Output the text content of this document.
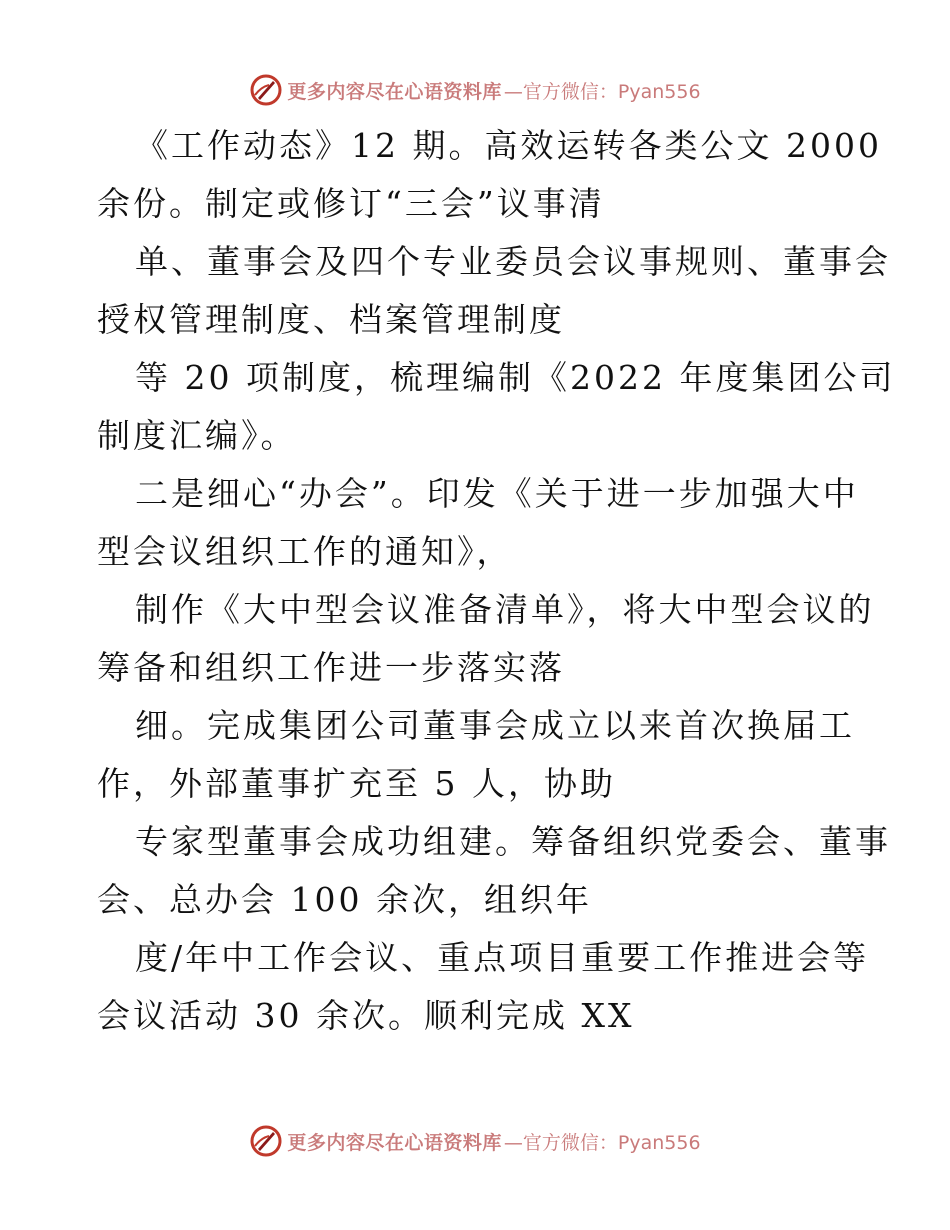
更多内容尽在心语资料库 —官方微信：Pyan556
《工作动态》12 期。高效运转各类公文 2000
余份。制定或修订“三会”议事清
单、董事会及四个专业委员会议事规则、董事会
授权管理制度、档案管理制度
等 20 项制度，梳理编制《2022 年度集团公司
制度汇编》。
二是细心“办会”。印发《关于进一步加强大中
型会议组织工作的通知》，
制作《大中型会议准备清单》，将大中型会议的
筹备和组织工作进一步落实落
细。完成集团公司董事会成立以来首次换届工
作，外部董事扩充至 5 人，协助
专家型董事会成功组建。筹备组织党委会、董事
会、总办会 100 余次，组织年
度/年中工作会议、重点项目重要工作推进会等
会议活动 30 余次。顺利完成 XX
更多内容尽在心语资料库 —官方微信：Pyan556
